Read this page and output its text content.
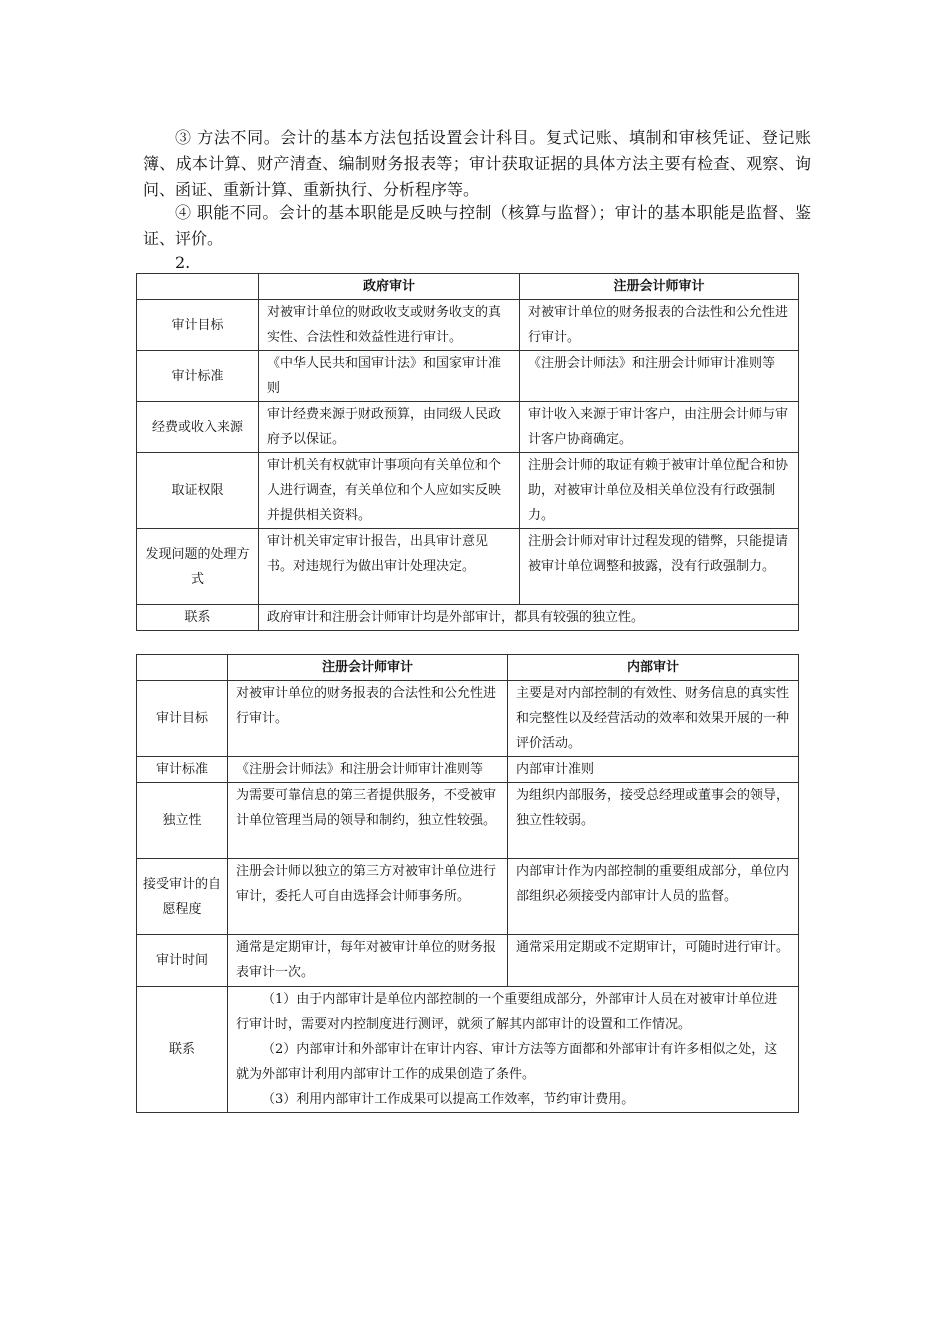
③ 方法不同。会计的基本方法包括设置会计科目。复式记账、填制和审核凭证、登记账簿、成本计算、财产清查、编制财务报表等；审计获取证据的具体方法主要有检查、观察、询问、函证、重新计算、重新执行、分析程序等。

④ 职能不同。会计的基本职能是反映与控制（核算与监督）；审计的基本职能是监督、鉴证、评价。

2.

	政府审计	注册会计师审计
审计目标	对被审计单位的财政收支或财务收支的真实性、合法性和效益性进行审计。	对被审计单位的财务报表的合法性和公允性进行审计。
审计标准	《中华人民共和国审计法》和国家审计准则	《注册会计师法》和注册会计师审计准则等
经费或收入来源	审计经费来源于财政预算，由同级人民政府予以保证。	审计收入来源于审计客户，由注册会计师与审计客户协商确定。
取证权限	审计机关有权就审计事项向有关单位和个人进行调查，有关单位和个人应如实反映并提供相关资料。	注册会计师的取证有赖于被审计单位配合和协助，对被审计单位及相关单位没有行政强制力。
发现问题的处理方式	审计机关审定审计报告，出具审计意见书。对违规行为做出审计处理决定。	注册会计师对审计过程发现的错弊，只能提请被审计单位调整和披露，没有行政强制力。
联系	政府审计和注册会计师审计均是外部审计，都具有较强的独立性。	
	注册会计师审计	内部审计
审计目标	对被审计单位的财务报表的合法性和公允性进行审计。	主要是对内部控制的有效性、财务信息的真实性和完整性以及经营活动的效率和效果开展的一种评价活动。
审计标准	《注册会计师法》和注册会计师审计准则等	内部审计准则
独立性	为需要可靠信息的第三者提供服务，不受被审计单位管理当局的领导和制约，独立性较强。	为组织内部服务，接受总经理或董事会的领导，独立性较弱。
接受审计的自愿程度	注册会计师以独立的第三方对被审计单位进行审计，委托人可自由选择会计师事务所。	内部审计作为内部控制的重要组成部分，单位内部组织必须接受内部审计人员的监督。
审计时间	通常是定期审计，每年对被审计单位的财务报表审计一次。	通常采用定期或不定期审计，可随时进行审计。
联系	（1）由于内部审计是单位内部控制的一个重要组成部分，外部审计人员在对被审计单位进行审计时，需要对内控制度进行测评，就须了解其内部审计的设置和工作情况。
（2）内部审计和外部审计在审计内容、审计方法等方面都和外部审计有许多相似之处，这就为外部审计利用内部审计工作的成果创造了条件。
（3）利用内部审计工作成果可以提高工作效率，节约审计费用。	
